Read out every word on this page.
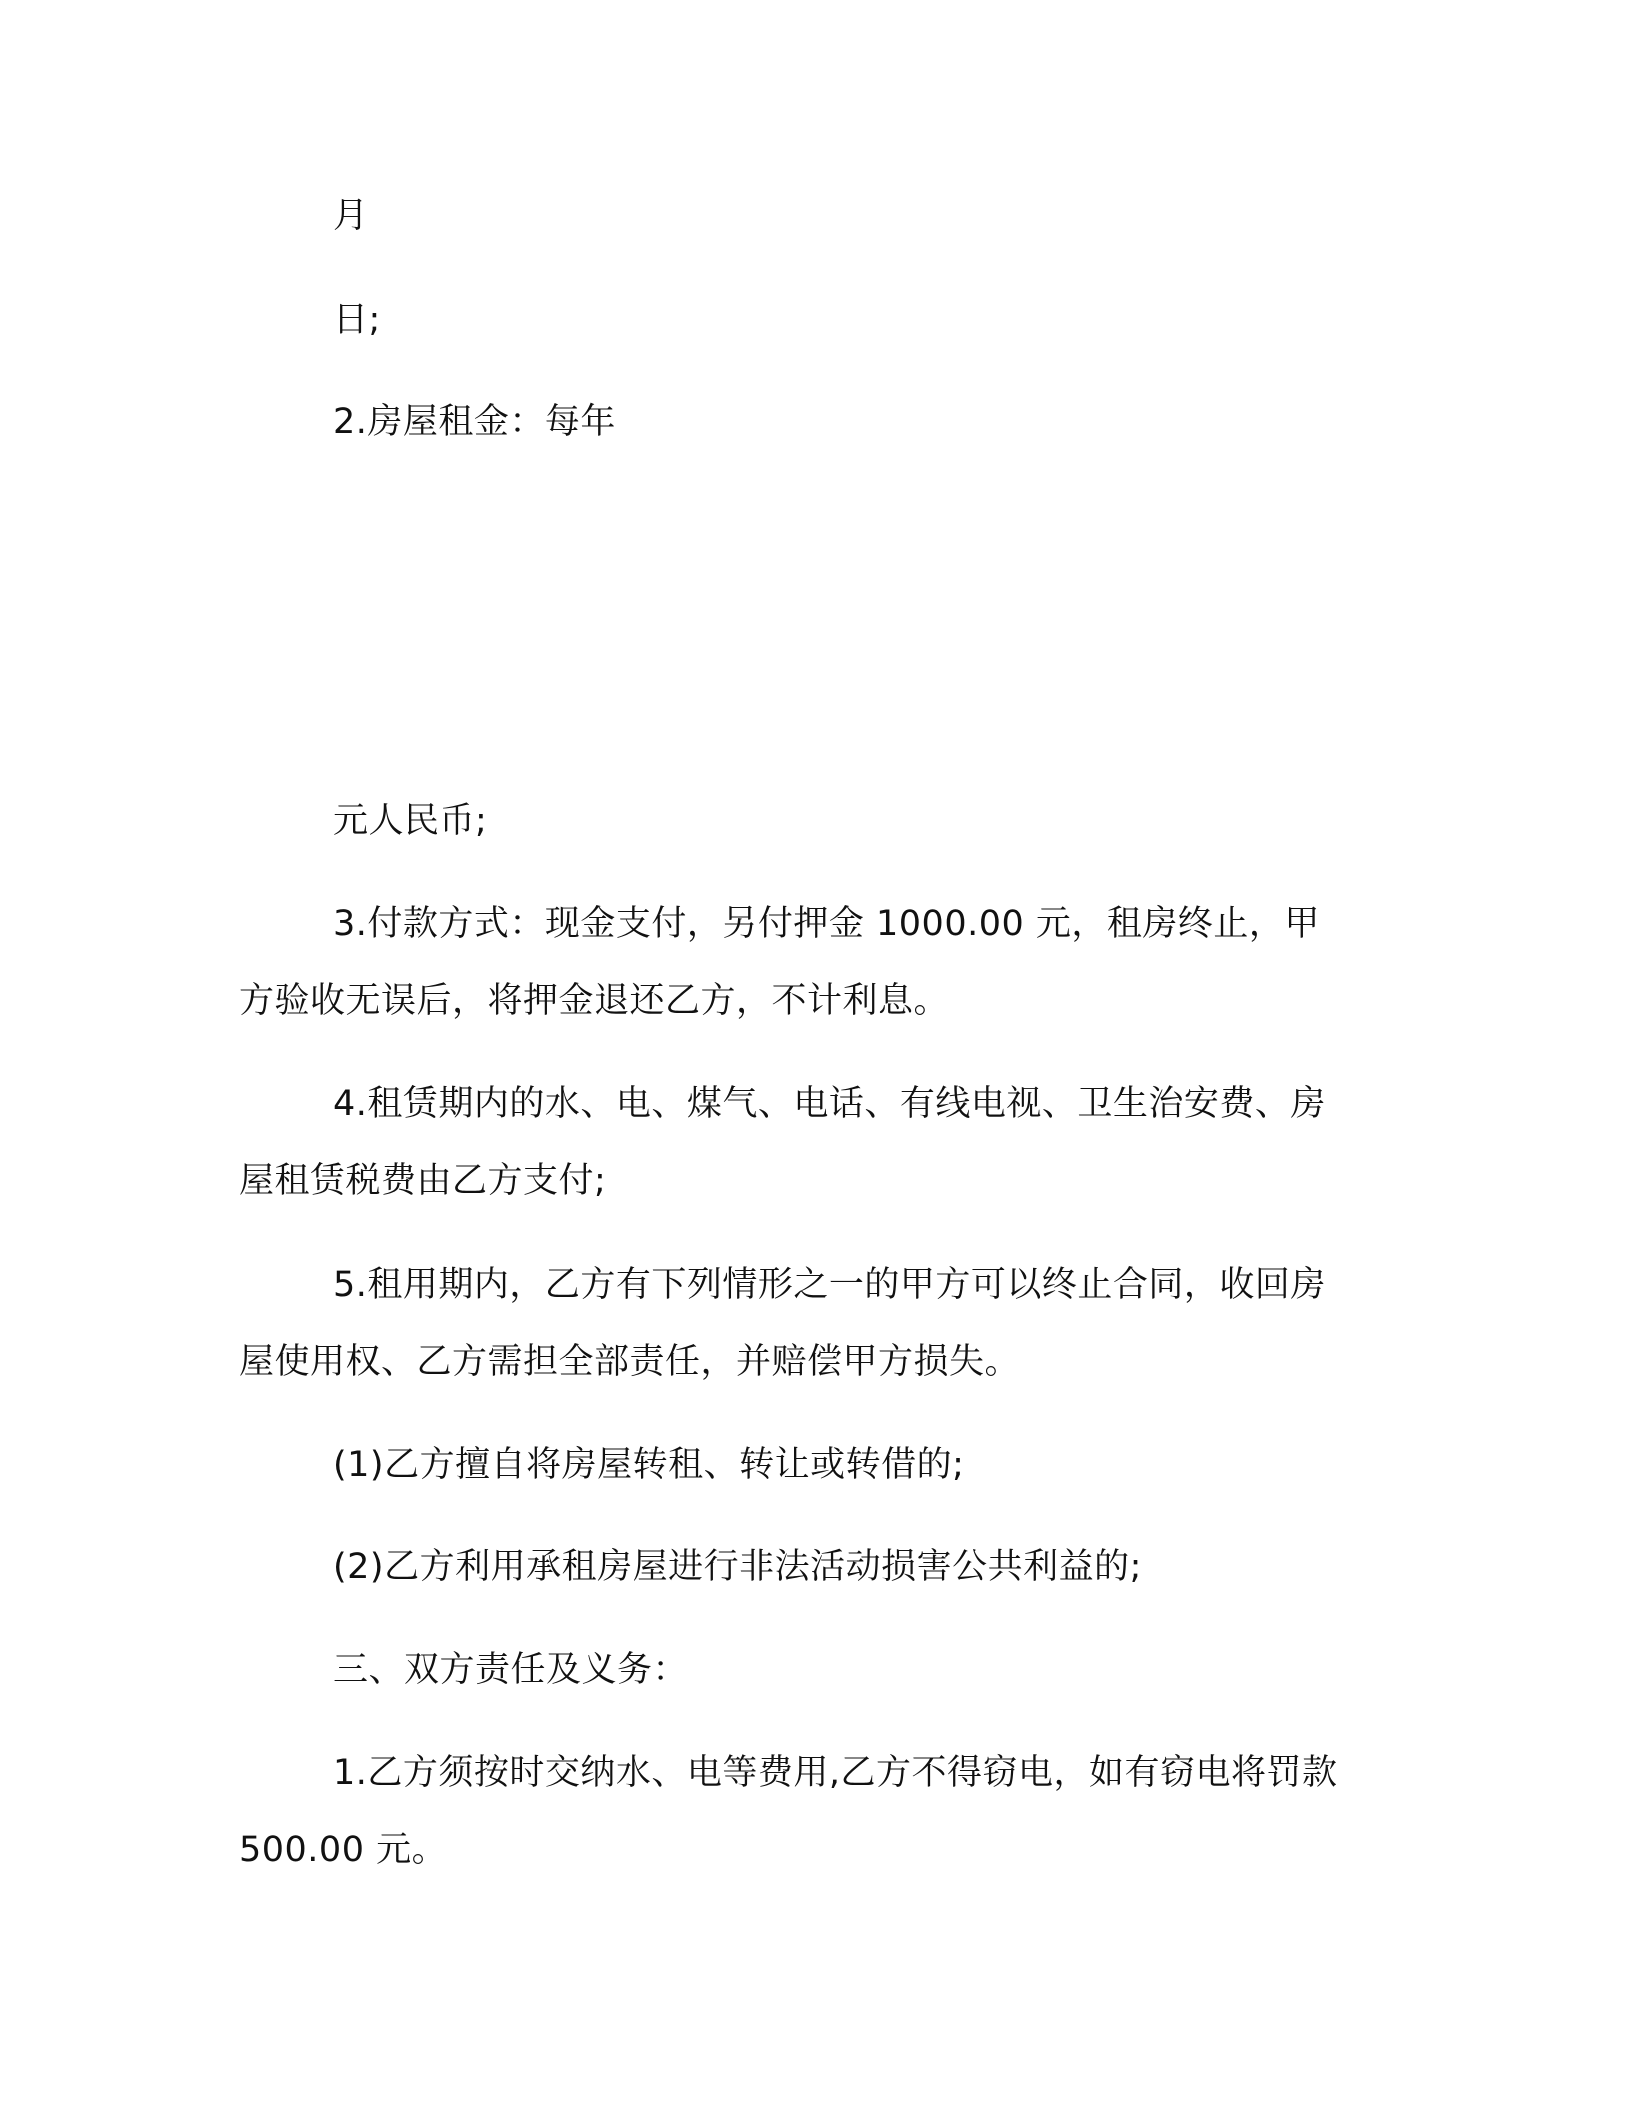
月
日;
2.房屋租金：每年
元人民币;
3.付款方式：现金支付，另付押金 1000.00 元，租房终止，甲
方验收无误后，将押金退还乙方，不计利息。
4.租赁期内的水、电、煤气、电话、有线电视、卫生治安费、房
屋租赁税费由乙方支付;
5.租用期内，乙方有下列情形之一的甲方可以终止合同，收回房
屋使用权、乙方需担全部责任，并赔偿甲方损失。
(1)乙方擅自将房屋转租、转让或转借的;
(2)乙方利用承租房屋进行非法活动损害公共利益的;
三、双方责任及义务：
1.乙方须按时交纳水、电等费用,乙方不得窃电，如有窃电将罚款
500.00 元。
